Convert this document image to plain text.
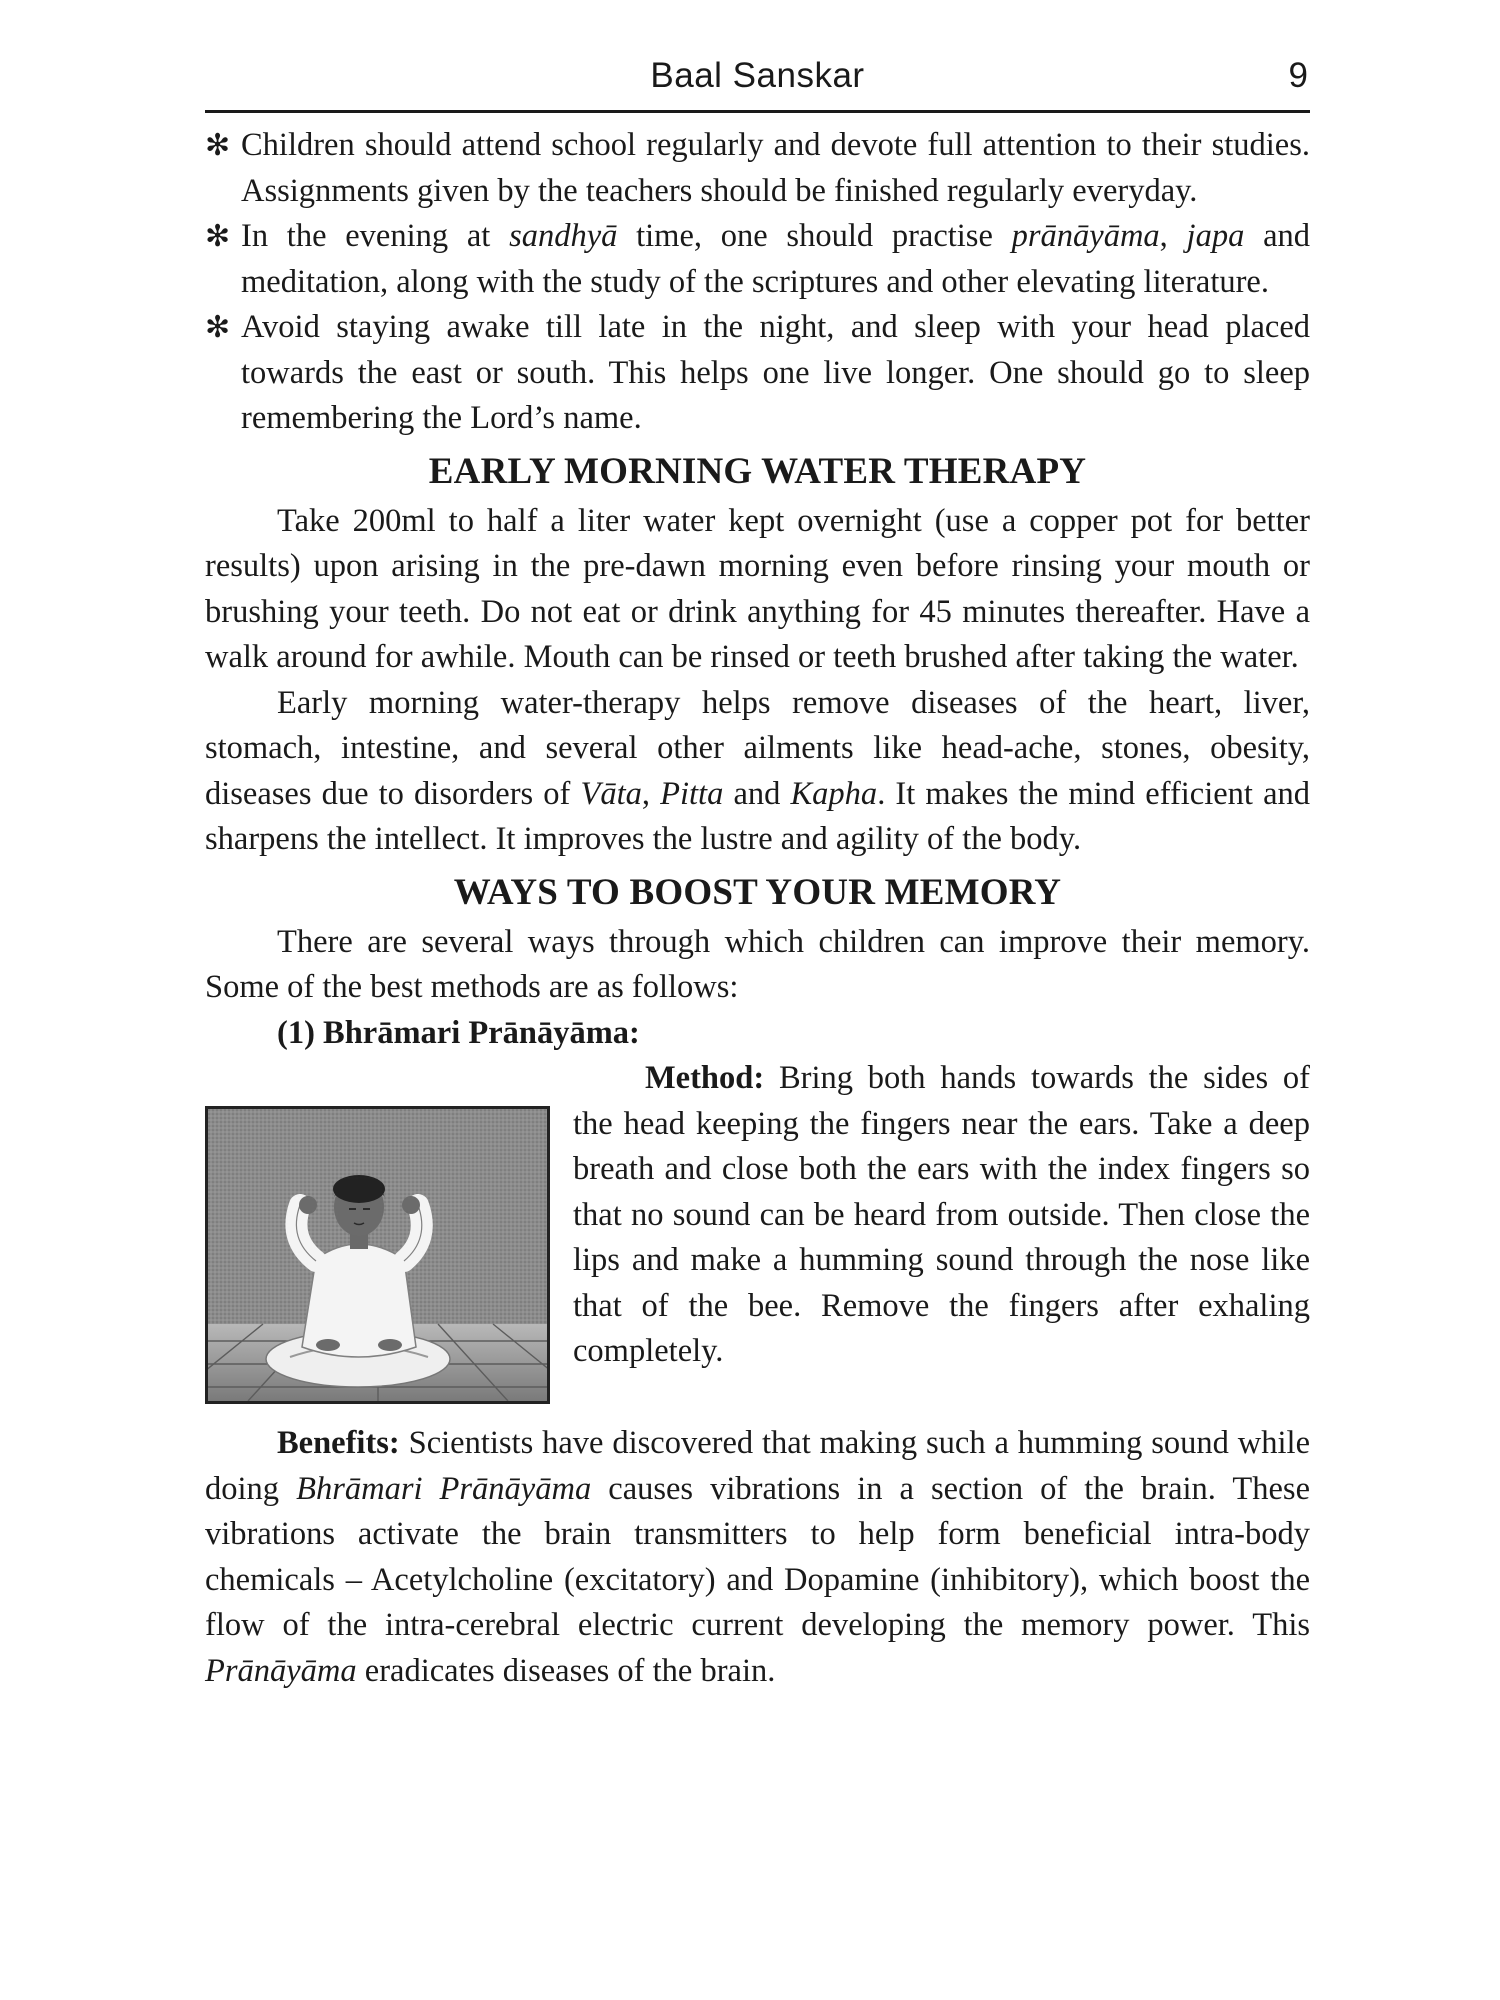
Baal Sanskar	9
✻ Children should attend school regularly and devote full attention to their studies. Assignments given by the teachers should be finished regularly everyday.
✻ In the evening at sandhyā time, one should practise prānāyāma, japa and meditation, along with the study of the scriptures and other elevating literature.
✻ Avoid staying awake till late in the night, and sleep with your head placed towards the east or south. This helps one live longer. One should go to sleep remembering the Lord’s name.
EARLY MORNING WATER THERAPY

Take 200ml to half a liter water kept overnight (use a copper pot for better results) upon arising in the pre-dawn morning even before rinsing your mouth or brushing your teeth. Do not eat or drink anything for 45 minutes thereafter. Have a walk around for awhile. Mouth can be rinsed or teeth brushed after taking the water.

Early morning water-therapy helps remove diseases of the heart, liver, stomach, intestine, and several other ailments like head-ache, stones, obesity, diseases due to disorders of Vāta, Pitta and Kapha. It makes the mind efficient and sharpens the intellect. It improves the lustre and agility of the body.

WAYS TO BOOST YOUR MEMORY

There are several ways through which children can improve their memory. Some of the best methods are as follows:

(1) Bhrāmari Prānāyāma:

Method: Bring both hands towards the sides of the head keeping the fingers near the ears. Take a deep breath and close both the ears with the index fingers so that no sound can be heard from outside. Then close the lips and make a humming sound through the nose like that of the bee. Remove the fingers after exhaling completely.

Benefits: Scientists have discovered that making such a humming sound while doing Bhrāmari Prānāyāma causes vibrations in a section of the brain. These vibrations activate the brain transmitters to help form beneficial intra-body chemicals – Acetylcholine (excitatory) and Dopamine (inhibitory), which boost the flow of the intra-cerebral electric current developing the memory power. This Prānāyāma eradicates diseases of the brain.
